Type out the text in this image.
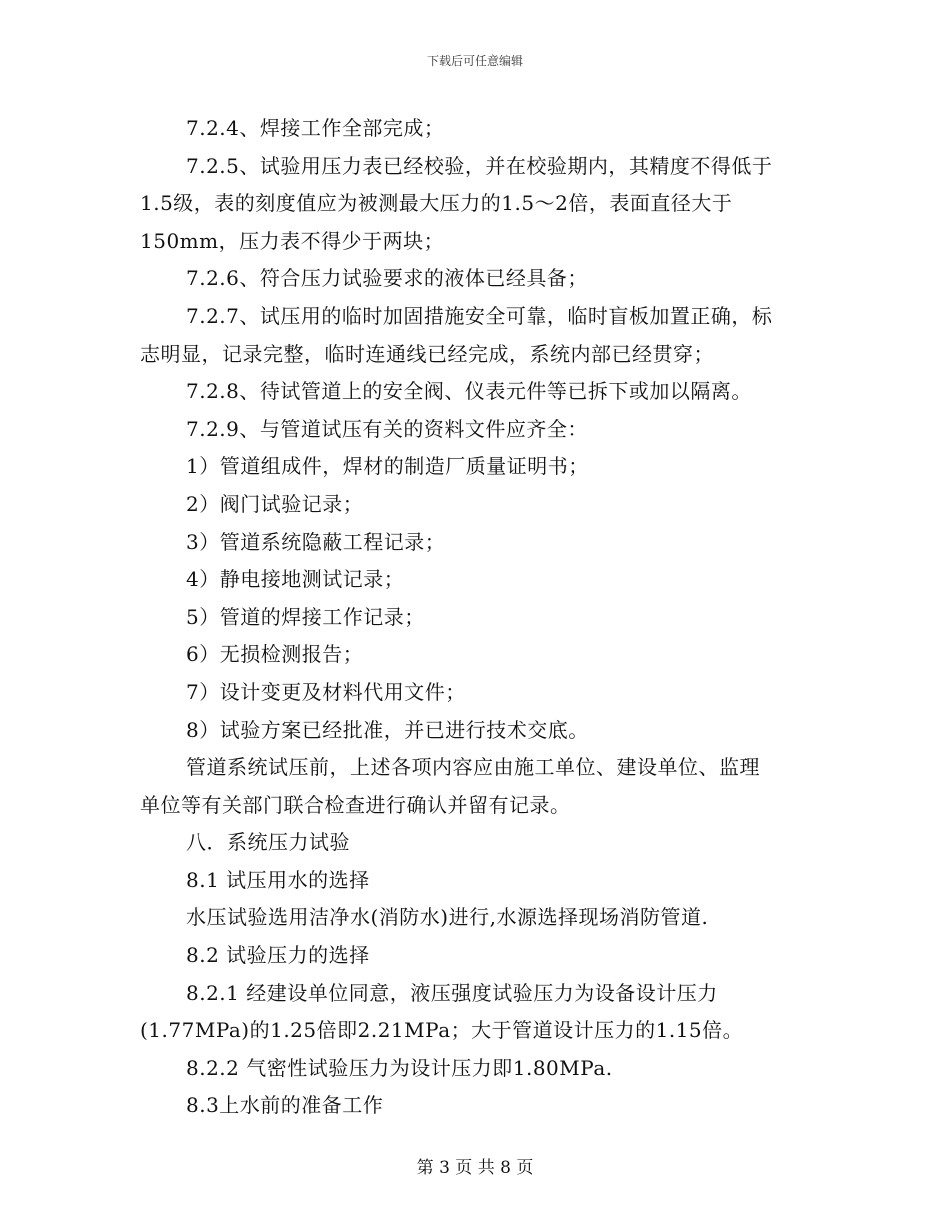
下载后可任意编辑
7.2.4、焊接工作全部完成；
7.2.5、试验用压力表已经校验，并在校验期内，其精度不得低于
1.5级，表的刻度值应为被测最大压力的1.5～2倍，表面直径大于
150mm，压力表不得少于两块；
7.2.6、符合压力试验要求的液体已经具备；
7.2.7、试压用的临时加固措施安全可靠，临时盲板加置正确，标
志明显，记录完整，临时连通线已经完成，系统内部已经贯穿；
7.2.8、待试管道上的安全阀、仪表元件等已拆下或加以隔离。
7.2.9、与管道试压有关的资料文件应齐全：
1）管道组成件，焊材的制造厂质量证明书；
2）阀门试验记录；
3）管道系统隐蔽工程记录；
4）静电接地测试记录；
5）管道的焊接工作记录；
6）无损检测报告；
7）设计变更及材料代用文件；
8）试验方案已经批准，并已进行技术交底。
管道系统试压前，上述各项内容应由施工单位、建设单位、监理
单位等有关部门联合检查进行确认并留有记录。
八．系统压力试验
8.1 试压用水的选择
水压试验选用洁净水(消防水)进行,水源选择现场消防管道.
8.2 试验压力的选择
8.2.1 经建设单位同意，液压强度试验压力为设备设计压力
(1.77MPa)的1.25倍即2.21MPa；大于管道设计压力的1.15倍。
8.2.2 气密性试验压力为设计压力即1.80MPa.
8.3上水前的准备工作
第 3 页 共 8 页
